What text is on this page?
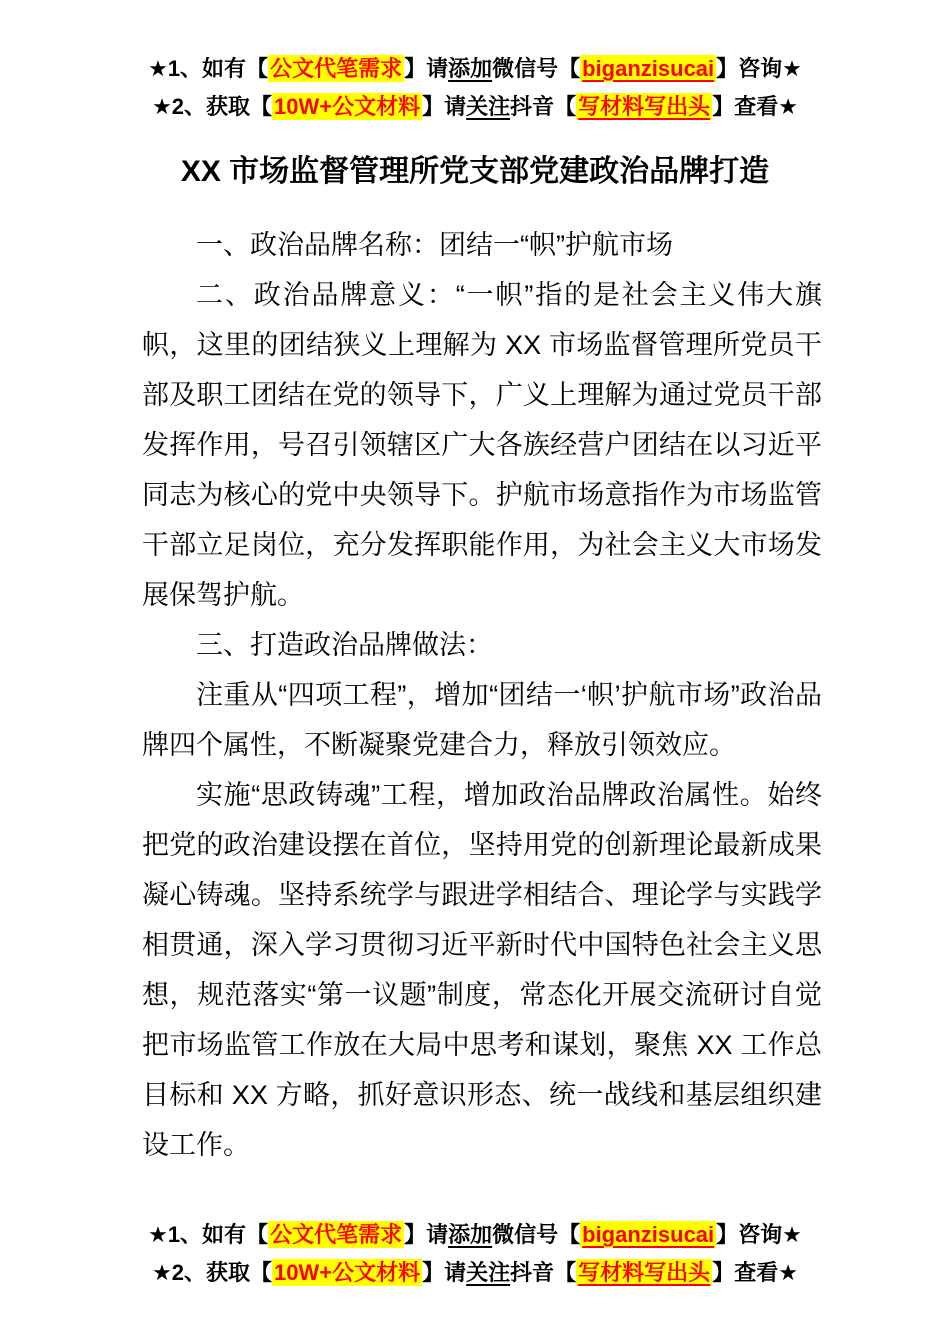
★1、如有【公文代笔需求】请添加微信号【biganzisucai】咨询★
★2、获取【10W+公文材料】请关注抖音【写材料写出头】查看★
XX 市场监督管理所党支部党建政治品牌打造

一、政治品牌名称：团结一“帜”护航市场

二、政治品牌意义：“一帜”指的是社会主义伟大旗帜，这里的团结狭义上理解为 XX 市场监督管理所党员干部及职工团结在党的领导下，广义上理解为通过党员干部发挥作用，号召引领辖区广大各族经营户团结在以习近平同志为核心的党中央领导下。护航市场意指作为市场监管干部立足岗位，充分发挥职能作用，为社会主义大市场发展保驾护航。

三、打造政治品牌做法：

注重从“四项工程”，增加“团结一‘帜’护航市场”政治品牌四个属性，不断凝聚党建合力，释放引领效应。

实施“思政铸魂”工程，增加政治品牌政治属性。始终把党的政治建设摆在首位，坚持用党的创新理论最新成果凝心铸魂。坚持系统学与跟进学相结合、理论学与实践学相贯通，深入学习贯彻习近平新时代中国特色社会主义思想，规范落实“第一议题”制度，常态化开展交流研讨自觉把市场监管工作放在大局中思考和谋划，聚焦 XX 工作总目标和 XX 方略，抓好意识形态、统一战线和基层组织建设工作。

★1、如有【公文代笔需求】请添加微信号【biganzisucai】咨询★
★2、获取【10W+公文材料】请关注抖音【写材料写出头】查看★
